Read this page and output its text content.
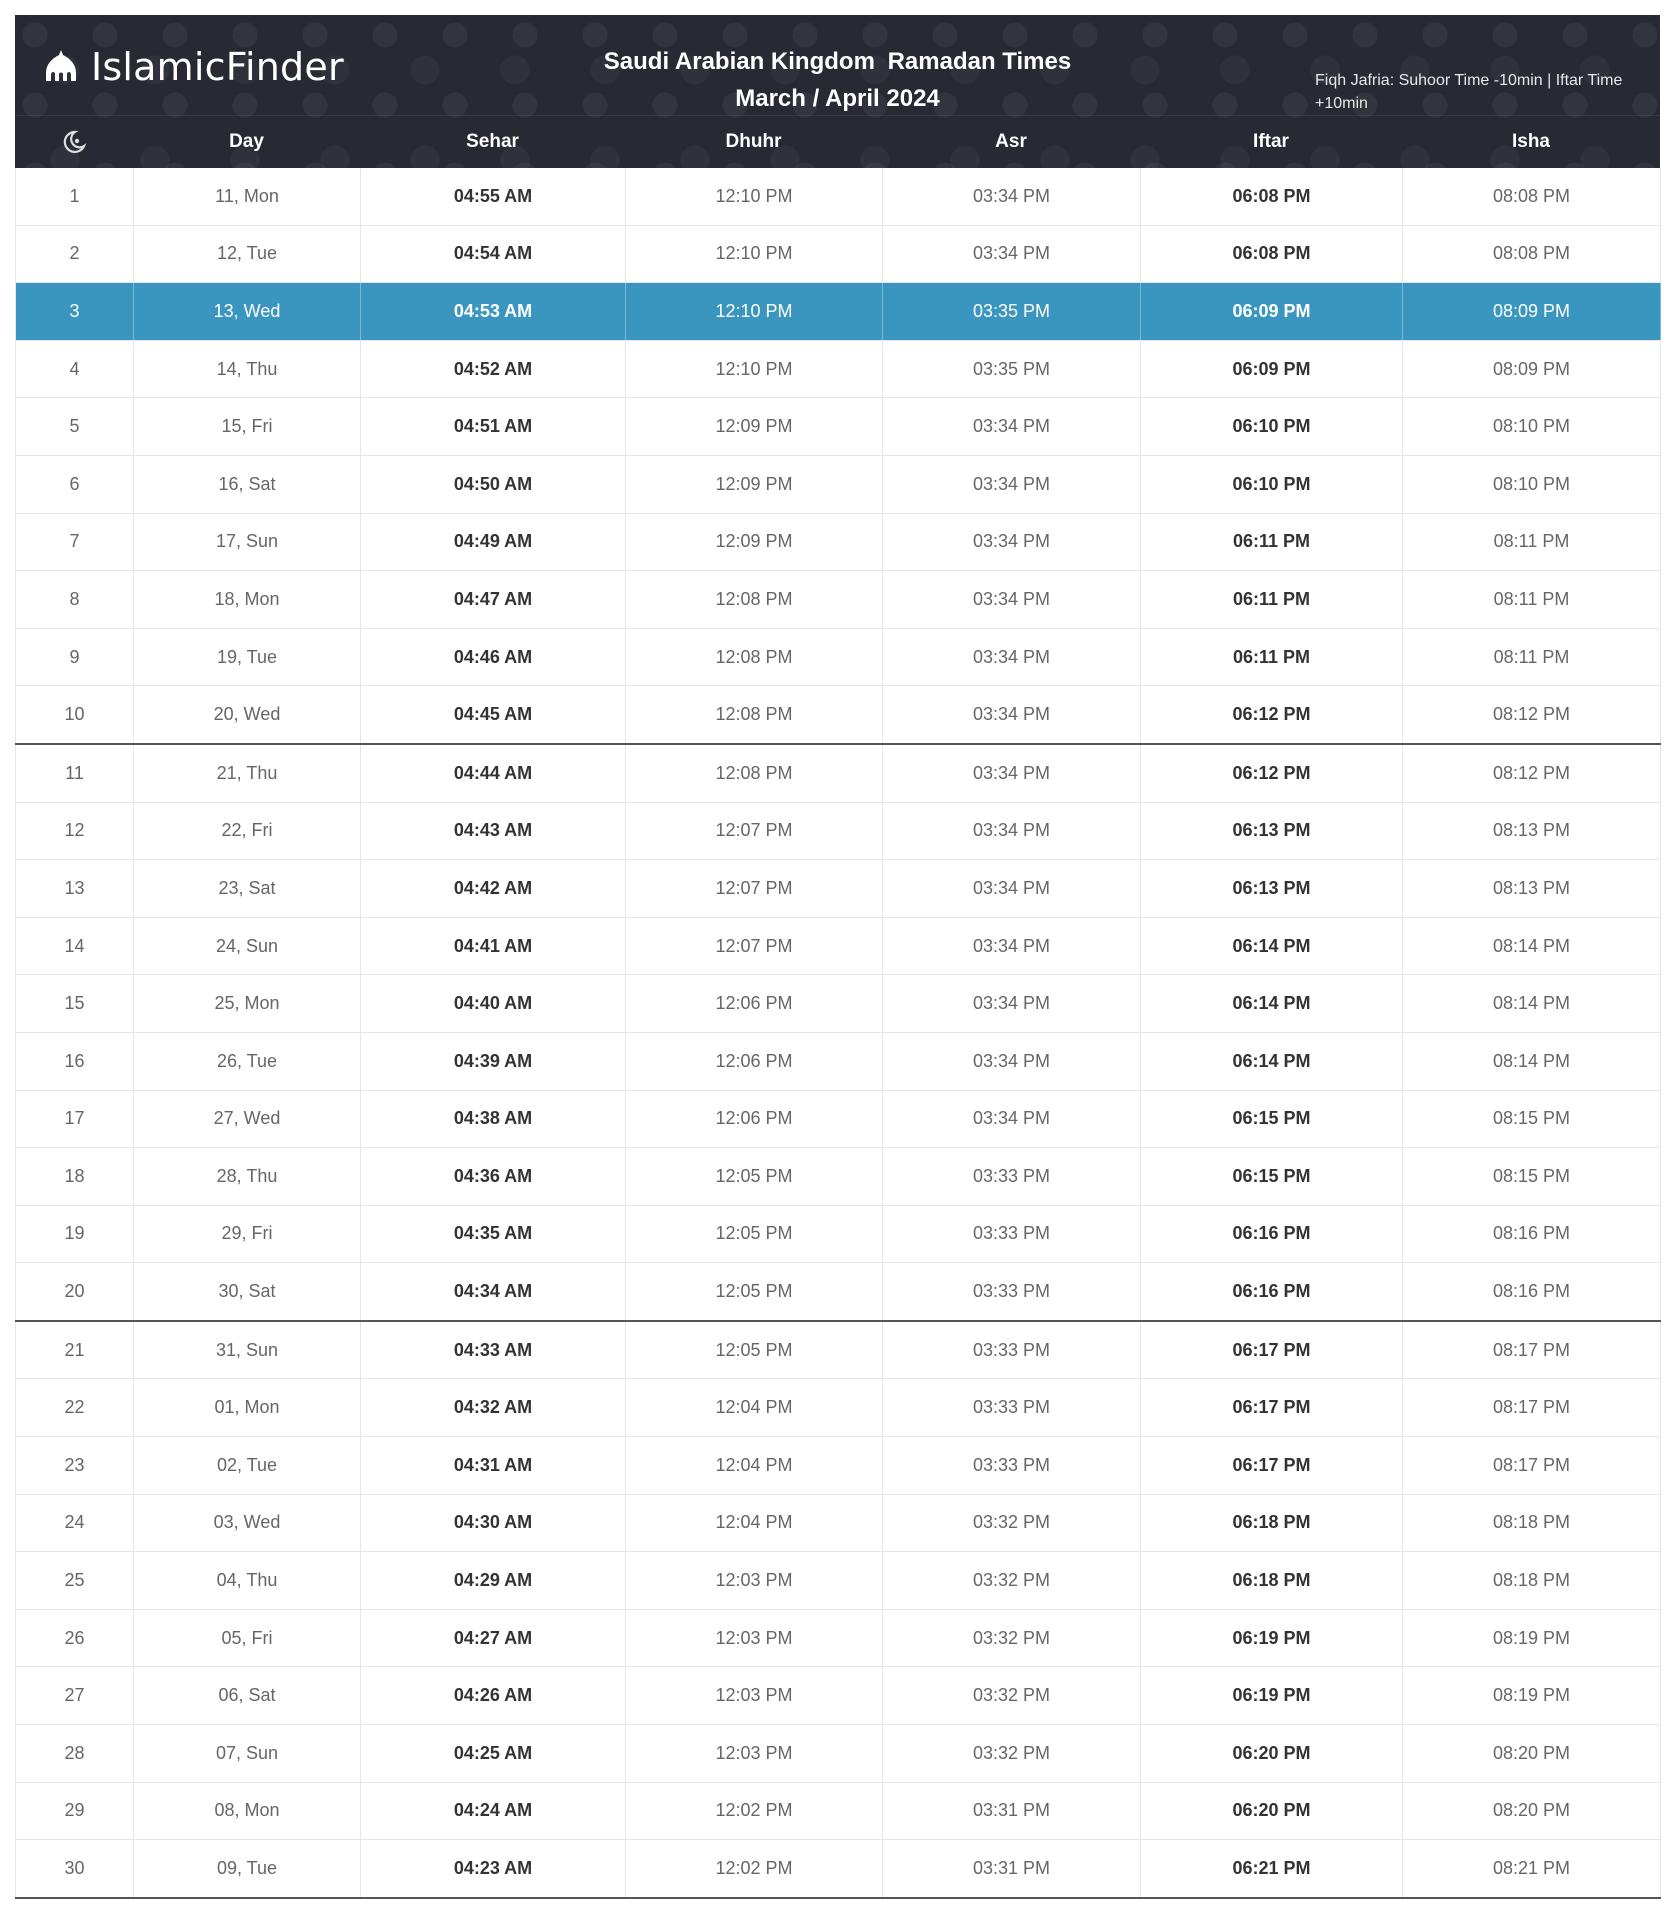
IslamicFinder	Saudi Arabian Kingdom Ramadan Times
March / April 2024
Fiqh Jafria: Suhoor Time -10min | Iftar Time +10min
Day	Sehar	Dhuhr	Asr	Iftar	Isha
1	11, Mon	04:55 AM	12:10 PM	03:34 PM	06:08 PM	08:08 PM
2	12, Tue	04:54 AM	12:10 PM	03:34 PM	06:08 PM	08:08 PM
3	13, Wed	04:53 AM	12:10 PM	03:35 PM	06:09 PM	08:09 PM
4	14, Thu	04:52 AM	12:10 PM	03:35 PM	06:09 PM	08:09 PM
5	15, Fri	04:51 AM	12:09 PM	03:34 PM	06:10 PM	08:10 PM
6	16, Sat	04:50 AM	12:09 PM	03:34 PM	06:10 PM	08:10 PM
7	17, Sun	04:49 AM	12:09 PM	03:34 PM	06:11 PM	08:11 PM
8	18, Mon	04:47 AM	12:08 PM	03:34 PM	06:11 PM	08:11 PM
9	19, Tue	04:46 AM	12:08 PM	03:34 PM	06:11 PM	08:11 PM
10	20, Wed	04:45 AM	12:08 PM	03:34 PM	06:12 PM	08:12 PM
11	21, Thu	04:44 AM	12:08 PM	03:34 PM	06:12 PM	08:12 PM
12	22, Fri	04:43 AM	12:07 PM	03:34 PM	06:13 PM	08:13 PM
13	23, Sat	04:42 AM	12:07 PM	03:34 PM	06:13 PM	08:13 PM
14	24, Sun	04:41 AM	12:07 PM	03:34 PM	06:14 PM	08:14 PM
15	25, Mon	04:40 AM	12:06 PM	03:34 PM	06:14 PM	08:14 PM
16	26, Tue	04:39 AM	12:06 PM	03:34 PM	06:14 PM	08:14 PM
17	27, Wed	04:38 AM	12:06 PM	03:34 PM	06:15 PM	08:15 PM
18	28, Thu	04:36 AM	12:05 PM	03:33 PM	06:15 PM	08:15 PM
19	29, Fri	04:35 AM	12:05 PM	03:33 PM	06:16 PM	08:16 PM
20	30, Sat	04:34 AM	12:05 PM	03:33 PM	06:16 PM	08:16 PM
21	31, Sun	04:33 AM	12:05 PM	03:33 PM	06:17 PM	08:17 PM
22	01, Mon	04:32 AM	12:04 PM	03:33 PM	06:17 PM	08:17 PM
23	02, Tue	04:31 AM	12:04 PM	03:33 PM	06:17 PM	08:17 PM
24	03, Wed	04:30 AM	12:04 PM	03:32 PM	06:18 PM	08:18 PM
25	04, Thu	04:29 AM	12:03 PM	03:32 PM	06:18 PM	08:18 PM
26	05, Fri	04:27 AM	12:03 PM	03:32 PM	06:19 PM	08:19 PM
27	06, Sat	04:26 AM	12:03 PM	03:32 PM	06:19 PM	08:19 PM
28	07, Sun	04:25 AM	12:03 PM	03:32 PM	06:20 PM	08:20 PM
29	08, Mon	04:24 AM	12:02 PM	03:31 PM	06:20 PM	08:20 PM
30	09, Tue	04:23 AM	12:02 PM	03:31 PM	06:21 PM	08:21 PM
